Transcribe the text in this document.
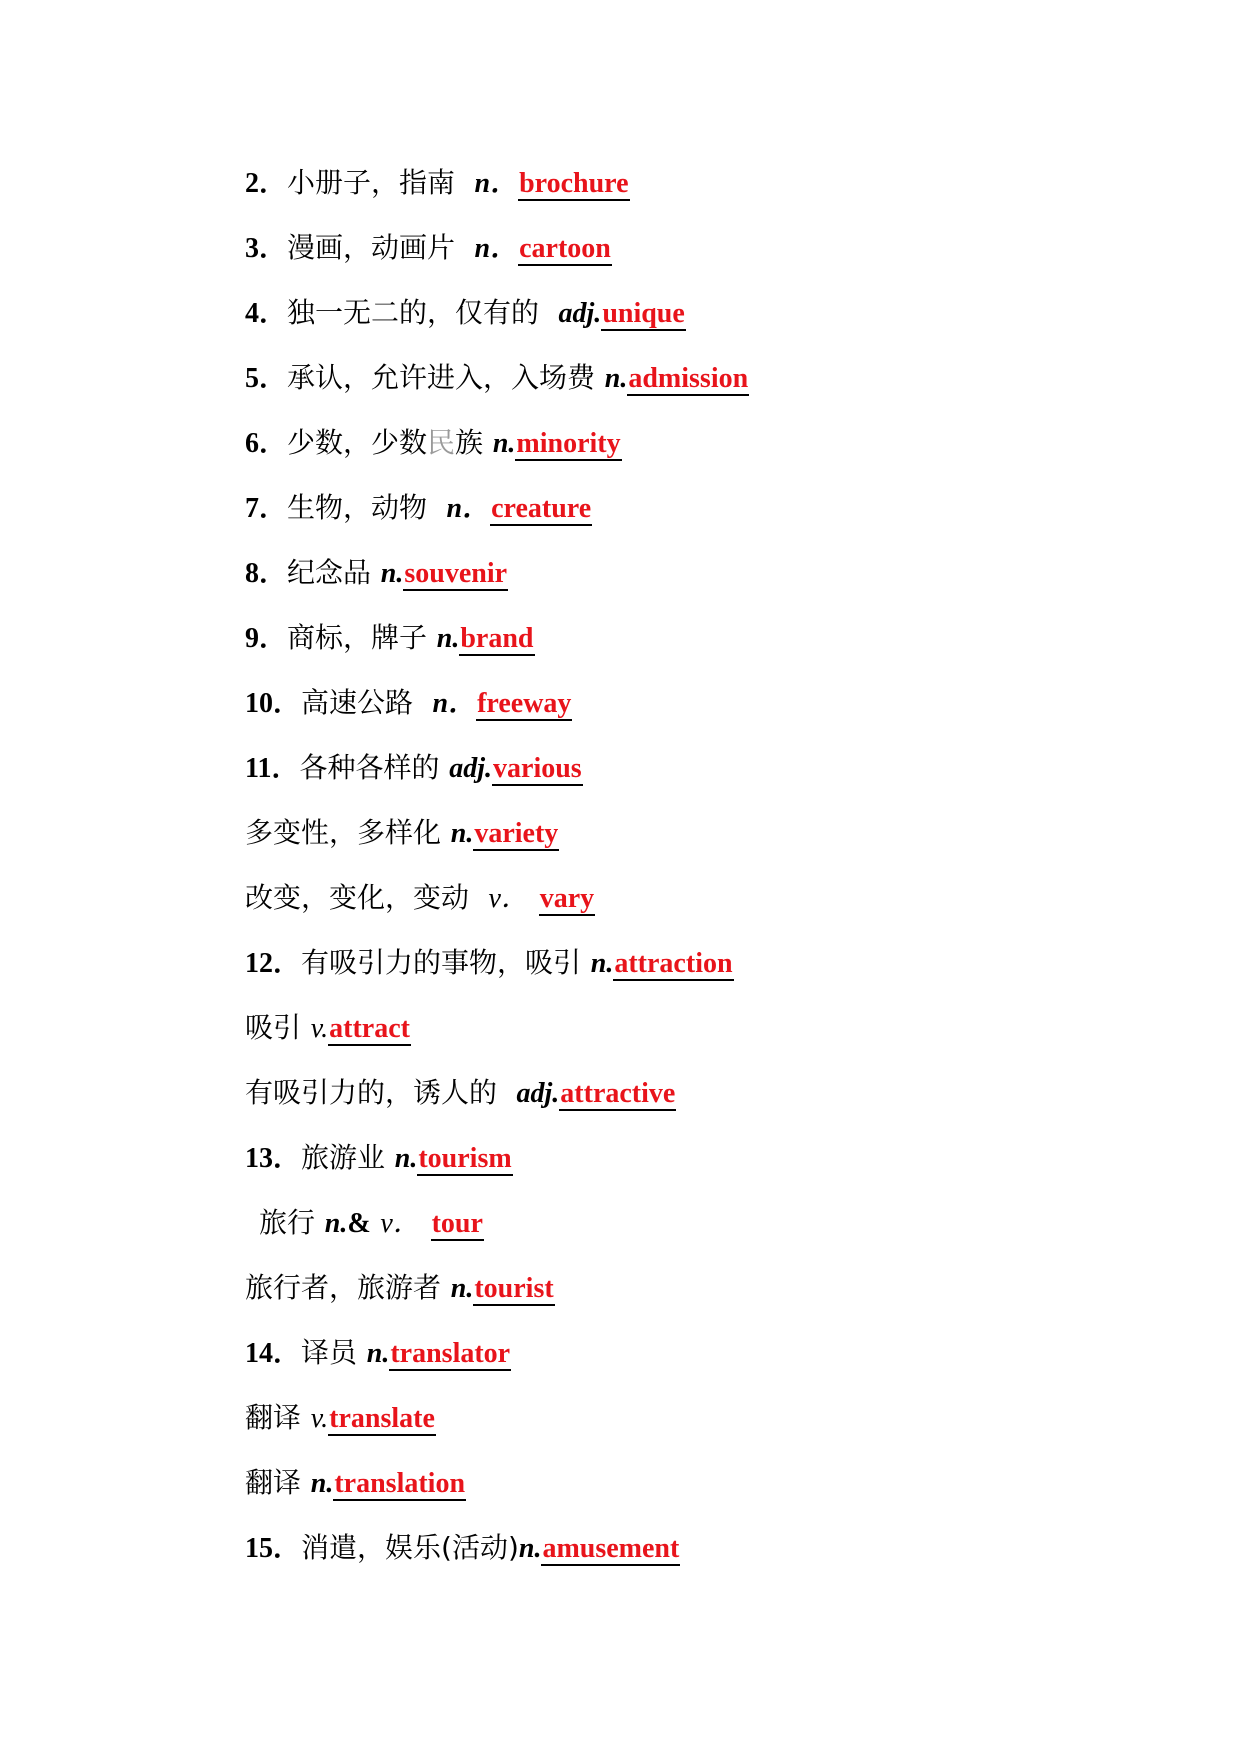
2．小册子，指南 n．brochure
3．漫画，动画片 n．cartoon
4．独一无二的，仅有的 adj.unique
5．承认，允许进入，入场费 n.admission
6．少数，少数民族 n.minority
7．生物，动物 n．creature
8．纪念品 n.souvenir
9．商标，牌子 n.brand
10．高速公路 n．freeway
11．各种各样的 adj.various
多变性，多样化 n.variety
改变，变化，变动 v． vary
12．有吸引力的事物，吸引 n.attraction
吸引 v.attract
有吸引力的，诱人的 adj.attractive
13．旅游业 n.tourism
旅行 n.& v． tour
旅行者，旅游者 n.tourist
14．译员 n.translator
翻译 v.translate
翻译 n.translation
15．消遣，娱乐(活动)n.amusement
